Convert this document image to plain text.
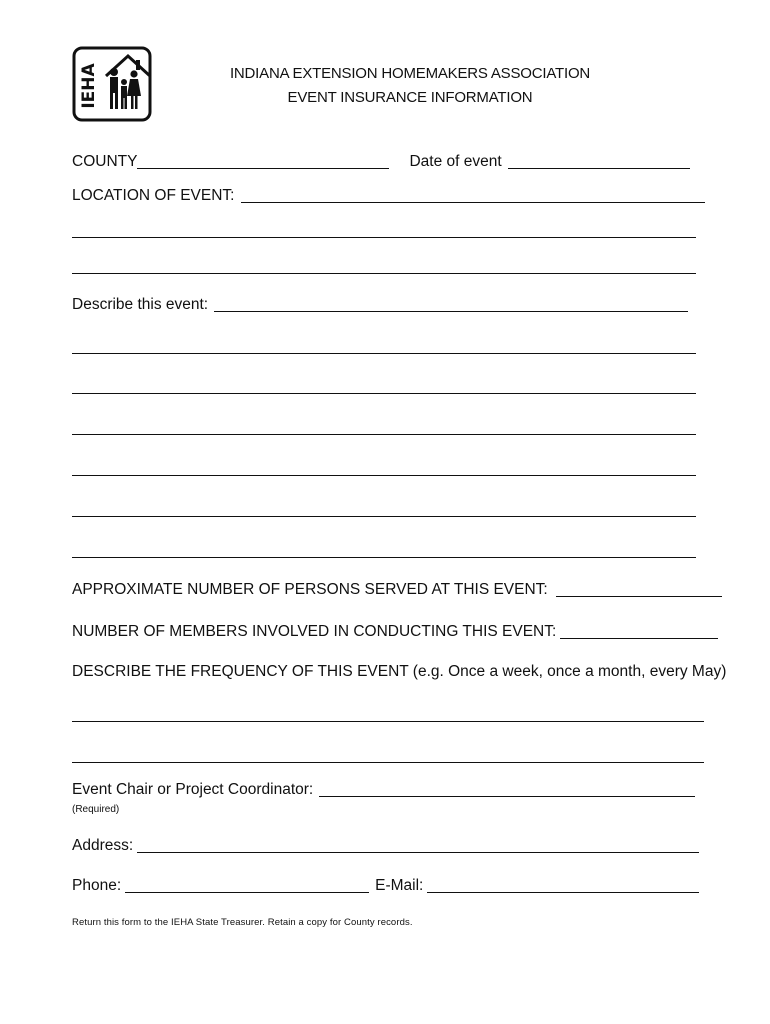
IEHA	INDIANA EXTENSION HOMEMAKERS ASSOCIATION
EVENT INSURANCE INFORMATION
COUNTY	Date of event
LOCATION OF EVENT:
Describe this event:
APPROXIMATE NUMBER OF PERSONS SERVED AT THIS EVENT:
NUMBER OF MEMBERS INVOLVED IN CONDUCTING THIS EVENT:
DESCRIBE THE FREQUENCY OF THIS EVENT (e.g. Once a week, once a month, every May)
Event Chair or Project Coordinator:
(Required)
Address:
Phone:	E-Mail:
Return this form to the IEHA State Treasurer. Retain a copy for County records.
